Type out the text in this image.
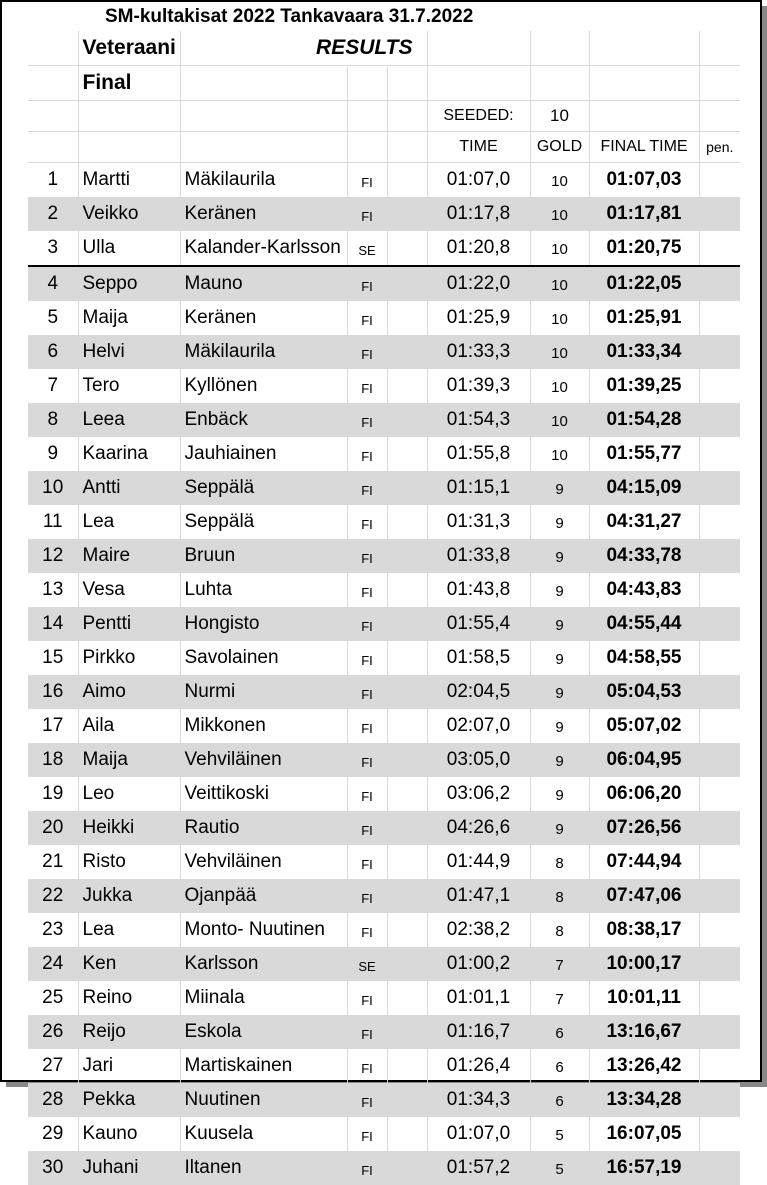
	SM-kultakisat 2022 Tankavaara 31.7.2022							
	Veteraani	RESULTS						
	Final							
					SEEDED:	10		
					TIME	GOLD	FINAL TIME	pen.
1	Martti	Mäkilaurila	FI		01:07,0	10	01:07,03	
2	Veikko	Keränen	FI		01:17,8	10	01:17,81	
3	Ulla	Kalander-Karlsson	SE		01:20,8	10	01:20,75	
4	Seppo	Mauno	FI		01:22,0	10	01:22,05	
5	Maija	Keränen	FI		01:25,9	10	01:25,91	
6	Helvi	Mäkilaurila	FI		01:33,3	10	01:33,34	
7	Tero	Kyllönen	FI		01:39,3	10	01:39,25	
8	Leea	Enbäck	FI		01:54,3	10	01:54,28	
9	Kaarina	Jauhiainen	FI		01:55,8	10	01:55,77	
10	Antti	Seppälä	FI		01:15,1	9	04:15,09	
11	Lea	Seppälä	FI		01:31,3	9	04:31,27	
12	Maire	Bruun	FI		01:33,8	9	04:33,78	
13	Vesa	Luhta	FI		01:43,8	9	04:43,83	
14	Pentti	Hongisto	FI		01:55,4	9	04:55,44	
15	Pirkko	Savolainen	FI		01:58,5	9	04:58,55	
16	Aimo	Nurmi	FI		02:04,5	9	05:04,53	
17	Aila	Mikkonen	FI		02:07,0	9	05:07,02	
18	Maija	Vehviläinen	FI		03:05,0	9	06:04,95	
19	Leo	Veittikoski	FI		03:06,2	9	06:06,20	
20	Heikki	Rautio	FI		04:26,6	9	07:26,56	
21	Risto	Vehviläinen	FI		01:44,9	8	07:44,94	
22	Jukka	Ojanpää	FI		01:47,1	8	07:47,06	
23	Lea	Monto- Nuutinen	FI		02:38,2	8	08:38,17	
24	Ken	Karlsson	SE		01:00,2	7	10:00,17	
25	Reino	Miinala	FI		01:01,1	7	10:01,11	
26	Reijo	Eskola	FI		01:16,7	6	13:16,67	
27	Jari	Martiskainen	FI		01:26,4	6	13:26,42	
28	Pekka	Nuutinen	FI		01:34,3	6	13:34,28	
29	Kauno	Kuusela	FI		01:07,0	5	16:07,05	
30	Juhani	Iltanen	FI		01:57,2	5	16:57,19	
